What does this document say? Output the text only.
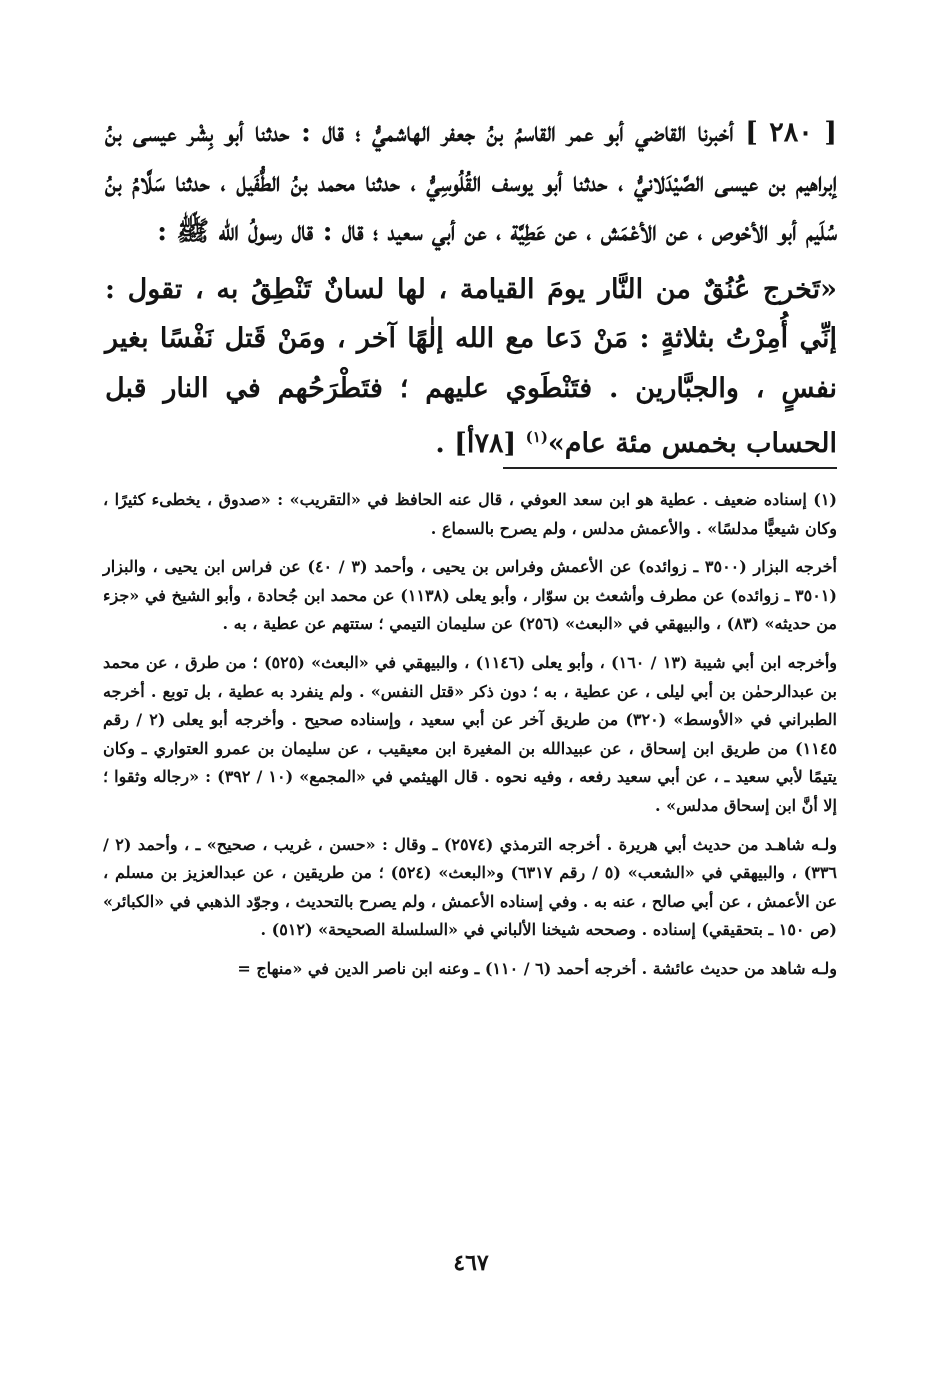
[ ٢٨٠ ] أخبرنا القاضي أبو عمر القاسمُ بنُ جعفر الهاشميُّ ؛ قال : حدثنا أبو بِشْر عيسى بنُ إبراهيم بن عيسى الصَّيْدَلانيُّ ، حدثنا أبو يوسف القُلُوسِيُّ ، حدثنا محمد بنُ الطُّفَيل ، حدثنا سَلَّامُ بنُ سُلَيم أبو الأحْوص ، عن الأعْمَش ، عن عَطِيَّة ، عن أبي سعيد ؛ قال : قال رسولُ الله ﷺ :

«تَخرج عُنُقٌ من النَّار يومَ القيامة ، لها لسانٌ تَنْطِقُ به ، تقول : إنِّي أُمِرْتُ بثلاثةٍ : مَنْ دَعا مع الله إلٰهًا آخر ، ومَنْ قَتل نَفْسًا بغير نفسٍ ، والجبَّارين . فتَنْطَوي عليهم ؛ فتَطْرَحُهم في النار قبل الحساب بخمس مئة عام»$^{(١)}$ [٧٨أ] .

(١) إسناده ضعيف . عطية هو ابن سعد العوفي ، قال عنه الحافظ في «التقريب» : «صدوق ، يخطىء كثيرًا ، وكان شيعيًّا مدلسًا» . والأعمش مدلس ، ولم يصرح بالسماع .

أخرجه البزار (٣٥٠٠ ـ زوائده) عن الأعمش وفراس بن يحيى ، وأحمد (٣ / ٤٠) عن فراس ابن يحيى ، والبزار (٣٥٠١ ـ زوائده) عن مطرف وأشعث بن سوّار ، وأبو يعلى (١١٣٨) عن محمد ابن جُحادة ، وأبو الشيخ في «جزء من حديثه» (٨٣) ، والبيهقي في «البعث» (٢٥٦) عن سليمان التيمي ؛ ستتهم عن عطية ، به .

وأخرجه ابن أبي شيبة (١٣ / ١٦٠) ، وأبو يعلى (١١٤٦) ، والبيهقي في «البعث» (٥٢٥) ؛ من طرق ، عن محمد بن عبدالرحمٰن بن أبي ليلى ، عن عطية ، به ؛ دون ذكر «قتل النفس» . ولم ينفرد به عطية ، بل توبع . أخرجه الطبراني في «الأوسط» (٣٢٠) من طريق آخر عن أبي سعيد ، وإسناده صحيح . وأخرجه أبو يعلى (٢ / رقم ١١٤٥) من طريق ابن إسحاق ، عن عبيدالله بن المغيرة ابن معيقيب ، عن سليمان بن عمرو العتواري ـ وكان يتيمًا لأبي سعيد ـ ، عن أبي سعيد رفعه ، وفيه نحوه . قال الهيثمي في «المجمع» (١٠ / ٣٩٢) : «رجاله وثقوا ؛ إلا أنَّ ابن إسحاق مدلس» .

ولـه شاهـد من حديث أبي هريرة . أخرجه الترمذي (٢٥٧٤) ـ وقال : «حسن ، غريب ، صحيح» ـ ، وأحمد (٢ / ٣٣٦) ، والبيهقي في «الشعب» (٥ / رقم ٦٣١٧) و«البعث» (٥٢٤) ؛ من طريقين ، عن عبدالعزيز بن مسلم ، عن الأعمش ، عن أبي صالح ، عنه به . وفي إسناده الأعمش ، ولم يصرح بالتحديث ، وجوّد الذهبي في «الكبائر» (ص ١٥٠ ـ بتحقيقي) إسناده . وصححه شيخنا الألباني في «السلسلة الصحيحة» (٥١٢) .

ولـه شاهد من حديث عائشة . أخرجه أحمد (٦ / ١١٠) ـ وعنه ابن ناصر الدين في «منهاج =

٤٦٧
